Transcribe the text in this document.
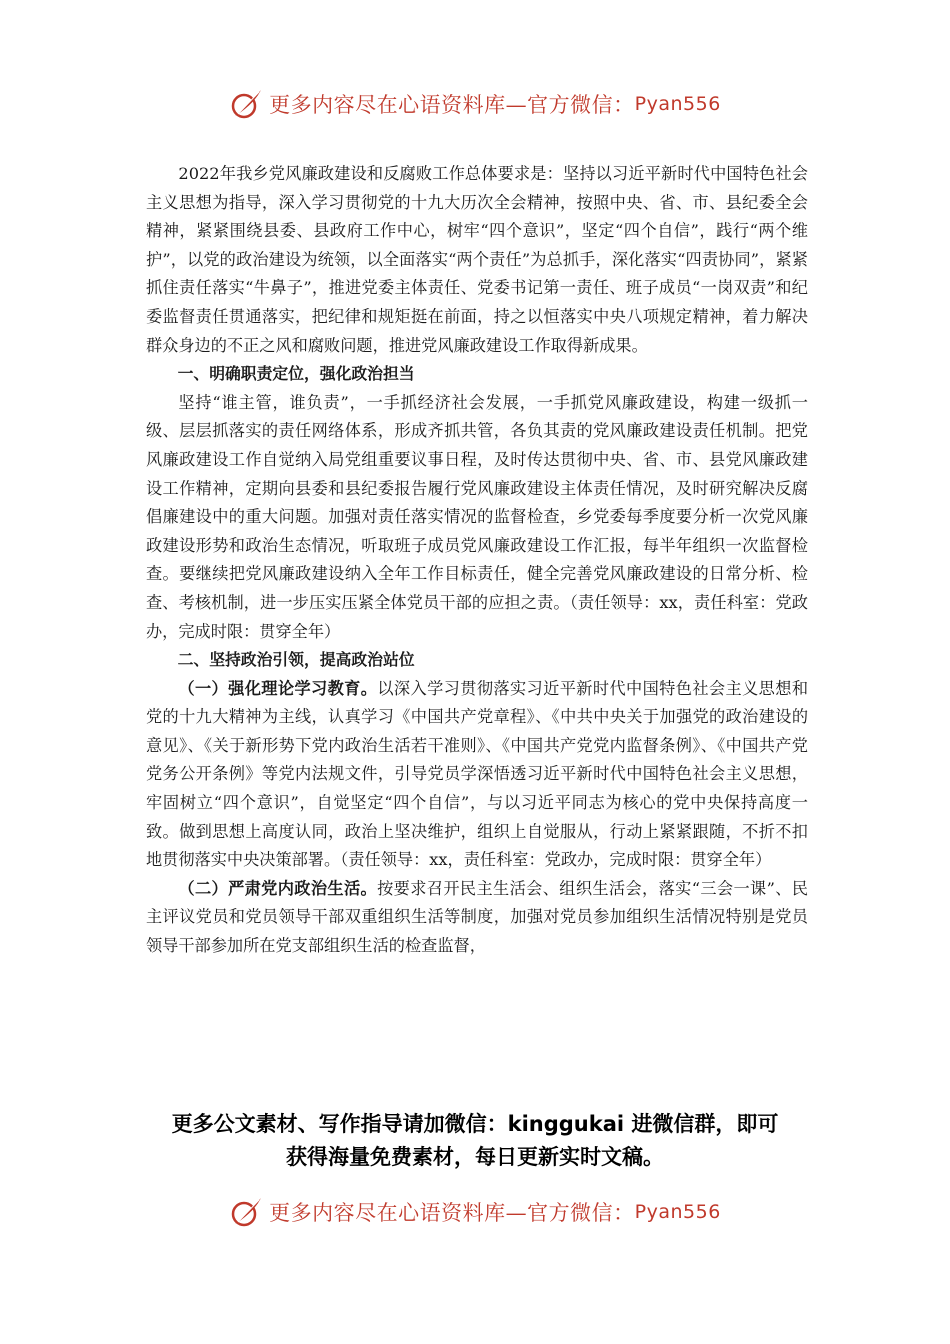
更多内容尽在心语资料库—官方微信： Pyan556

2022年我乡党风廉政建设和反腐败工作总体要求是：坚持以习近平新时代中国特色社会主义思想为指导，深入学习贯彻党的十九大历次全会精神，按照中央、省、市、县纪委全会精神，紧紧围绕县委、县政府工作中心，树牢“四个意识”，坚定“四个自信”，践行“两个维护”，以党的政治建设为统领，以全面落实“两个责任”为总抓手，深化落实“四责协同”，紧紧抓住责任落实“牛鼻子”，推进党委主体责任、党委书记第一责任、班子成员“一岗双责”和纪委监督责任贯通落实，把纪律和规矩挺在前面，持之以恒落实中央八项规定精神，着力解决群众身边的不正之风和腐败问题，推进党风廉政建设工作取得新成果。

一、明确职责定位，强化政治担当

坚持“谁主管，谁负责”，一手抓经济社会发展，一手抓党风廉政建设，构建一级抓一级、层层抓落实的责任网络体系，形成齐抓共管，各负其责的党风廉政建设责任机制。把党风廉政建设工作自觉纳入局党组重要议事日程，及时传达贯彻中央、省、市、县党风廉政建设工作精神，定期向县委和县纪委报告履行党风廉政建设主体责任情况，及时研究解决反腐倡廉建设中的重大问题。加强对责任落实情况的监督检查，乡党委每季度要分析一次党风廉政建设形势和政治生态情况，听取班子成员党风廉政建设工作汇报，每半年组织一次监督检查。要继续把党风廉政建设纳入全年工作目标责任，健全完善党风廉政建设的日常分析、检查、考核机制，进一步压实压紧全体党员干部的应担之责。（责任领导：xx，责任科室：党政办，完成时限：贯穿全年）

二、坚持政治引领，提高政治站位

（一）强化理论学习教育。以深入学习贯彻落实习近平新时代中国特色社会主义思想和党的十九大精神为主线，认真学习《中国共产党章程》、《中共中央关于加强党的政治建设的意见》、《关于新形势下党内政治生活若干准则》、《中国共产党党内监督条例》、《中国共产党党务公开条例》等党内法规文件，引导党员学深悟透习近平新时代中国特色社会主义思想，牢固树立“四个意识”，自觉坚定“四个自信”，与以习近平同志为核心的党中央保持高度一致。做到思想上高度认同，政治上坚决维护，组织上自觉服从，行动上紧紧跟随，不折不扣地贯彻落实中央决策部署。（责任领导：xx，责任科室：党政办，完成时限：贯穿全年）

（二）严肃党内政治生活。按要求召开民主生活会、组织生活会，落实“三会一课”、民主评议党员和党员领导干部双重组织生活等制度，加强对党员参加组织生活情况特别是党员领导干部参加所在党支部组织生活的检查监督，

更多公文素材、写作指导请加微信：kinggukai 进微信群，即可
获得海量免费素材，每日更新实时文稿。
更多内容尽在心语资料库—官方微信： Pyan556
